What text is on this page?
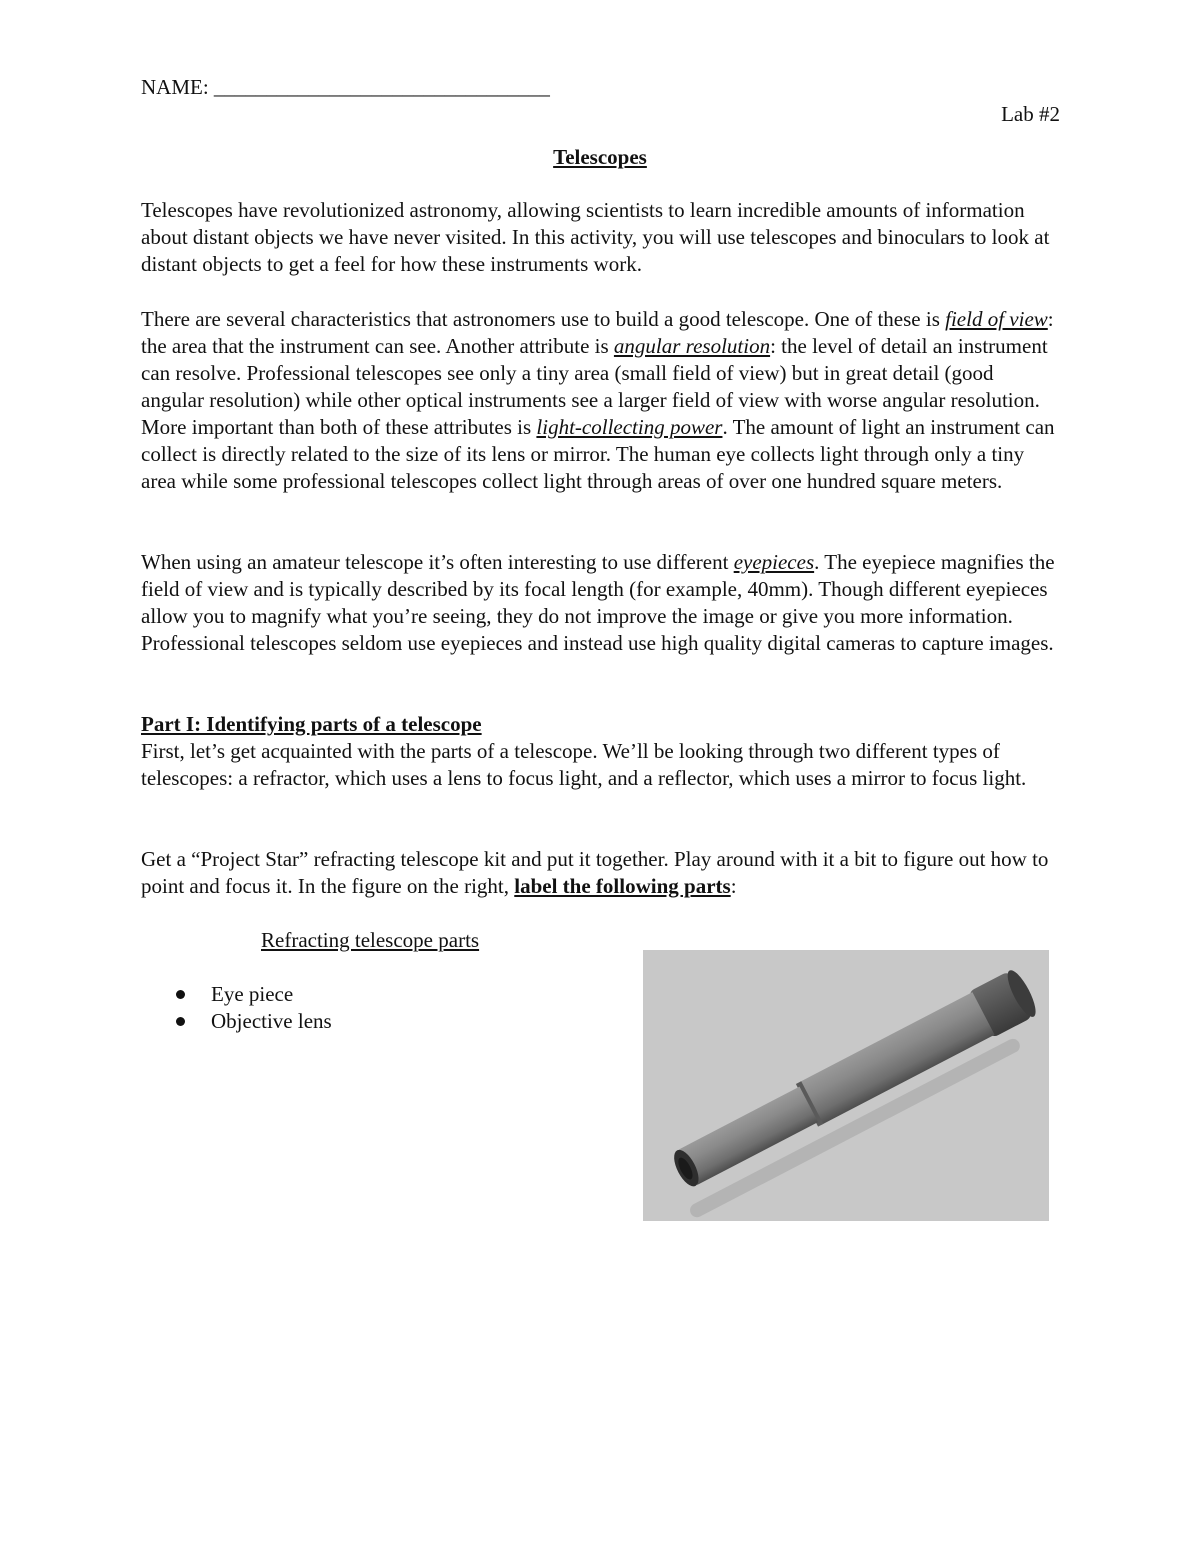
NAME: ________________________________
Lab #2
Telescopes

Telescopes have revolutionized astronomy, allowing scientists to learn incredible amounts of information about distant objects we have never visited. In this activity, you will use telescopes and binoculars to look at distant objects to get a feel for how these instruments work.

There are several characteristics that astronomers use to build a good telescope. One of these is field of view: the area that the instrument can see. Another attribute is angular resolution: the level of detail an instrument can resolve. Professional telescopes see only a tiny area (small field of view) but in great detail (good angular resolution) while other optical instruments see a larger field of view with worse angular resolution. More important than both of these attributes is light-collecting power. The amount of light an instrument can collect is directly related to the size of its lens or mirror. The human eye collects light through only a tiny area while some professional telescopes collect light through areas of over one hundred square meters.

When using an amateur telescope it’s often interesting to use different eyepieces. The eyepiece magnifies the field of view and is typically described by its focal length (for example, 40mm). Though different eyepieces allow you to magnify what you’re seeing, they do not improve the image or give you more information. Professional telescopes seldom use eyepieces and instead use high quality digital cameras to capture images.

Part I: Identifying parts of a telescope
First, let’s get acquainted with the parts of a telescope. We’ll be looking through two different types of telescopes: a refractor, which uses a lens to focus light, and a reflector, which uses a mirror to focus light.

Get a “Project Star” refracting telescope kit and put it together. Play around with it a bit to figure out how to point and focus it. In the figure on the right, label the following parts:

Refracting telescope parts
Eye piece
Objective lens
